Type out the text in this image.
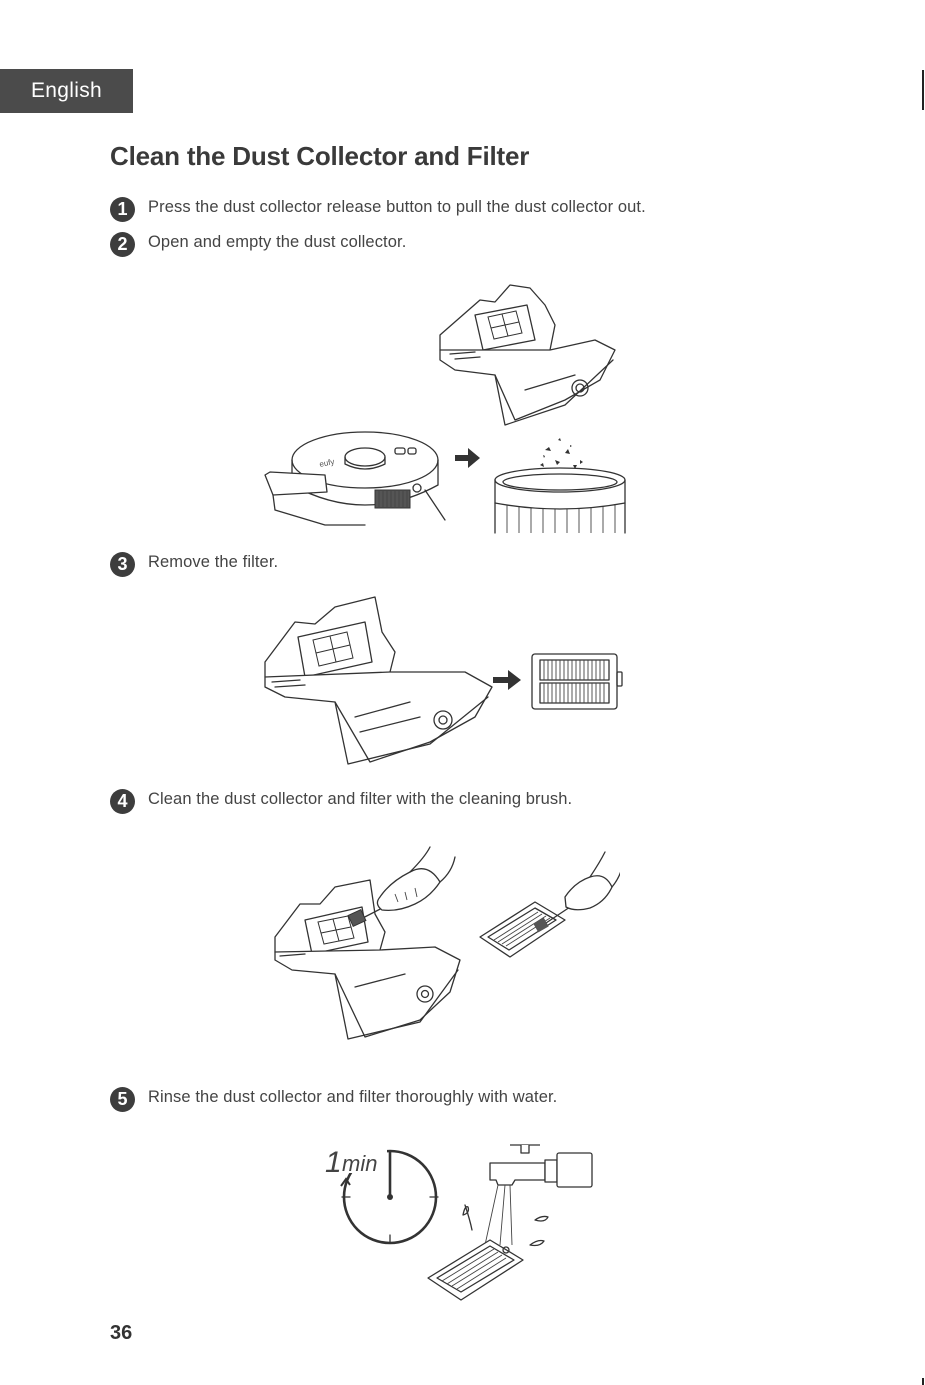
English
Clean the Dust Collector and Filter
1	Press the dust collector release button to pull the dust collector out.
2	Open and empty the dust collector.
eufy
3	Remove the filter.
4	Clean the dust collector and filter with the cleaning brush.
5	Rinse the dust collector and filter thoroughly with water.
1 min
36
